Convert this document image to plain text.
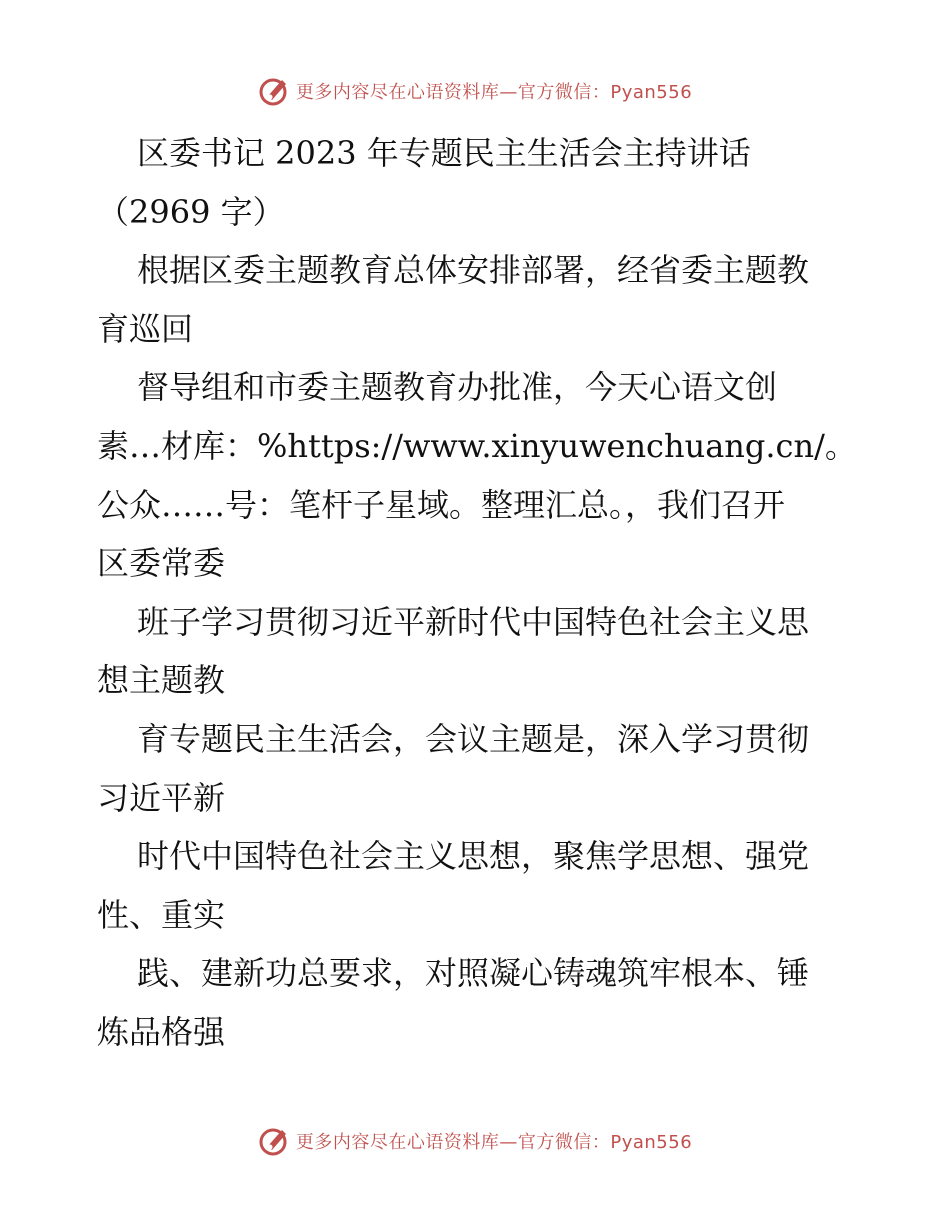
更多内容尽在心语资料库—官方微信：Pyan556
区委书记 2023 年专题民主生活会主持讲话
（2969 字）
根据区委主题教育总体安排部署，经省委主题教
育巡回
督导组和市委主题教育办批准，今天心语文创
素…材库：%https://www.xinyuwenchuang.cn/。
公众……号：笔杆子星域。整理汇总。，我们召开
区委常委
班子学习贯彻习近平新时代中国特色社会主义思
想主题教
育专题民主生活会，会议主题是，深入学习贯彻
习近平新
时代中国特色社会主义思想，聚焦学思想、强党
性、重实
践、建新功总要求，对照凝心铸魂筑牢根本、锤
炼品格强
更多内容尽在心语资料库—官方微信：Pyan556
